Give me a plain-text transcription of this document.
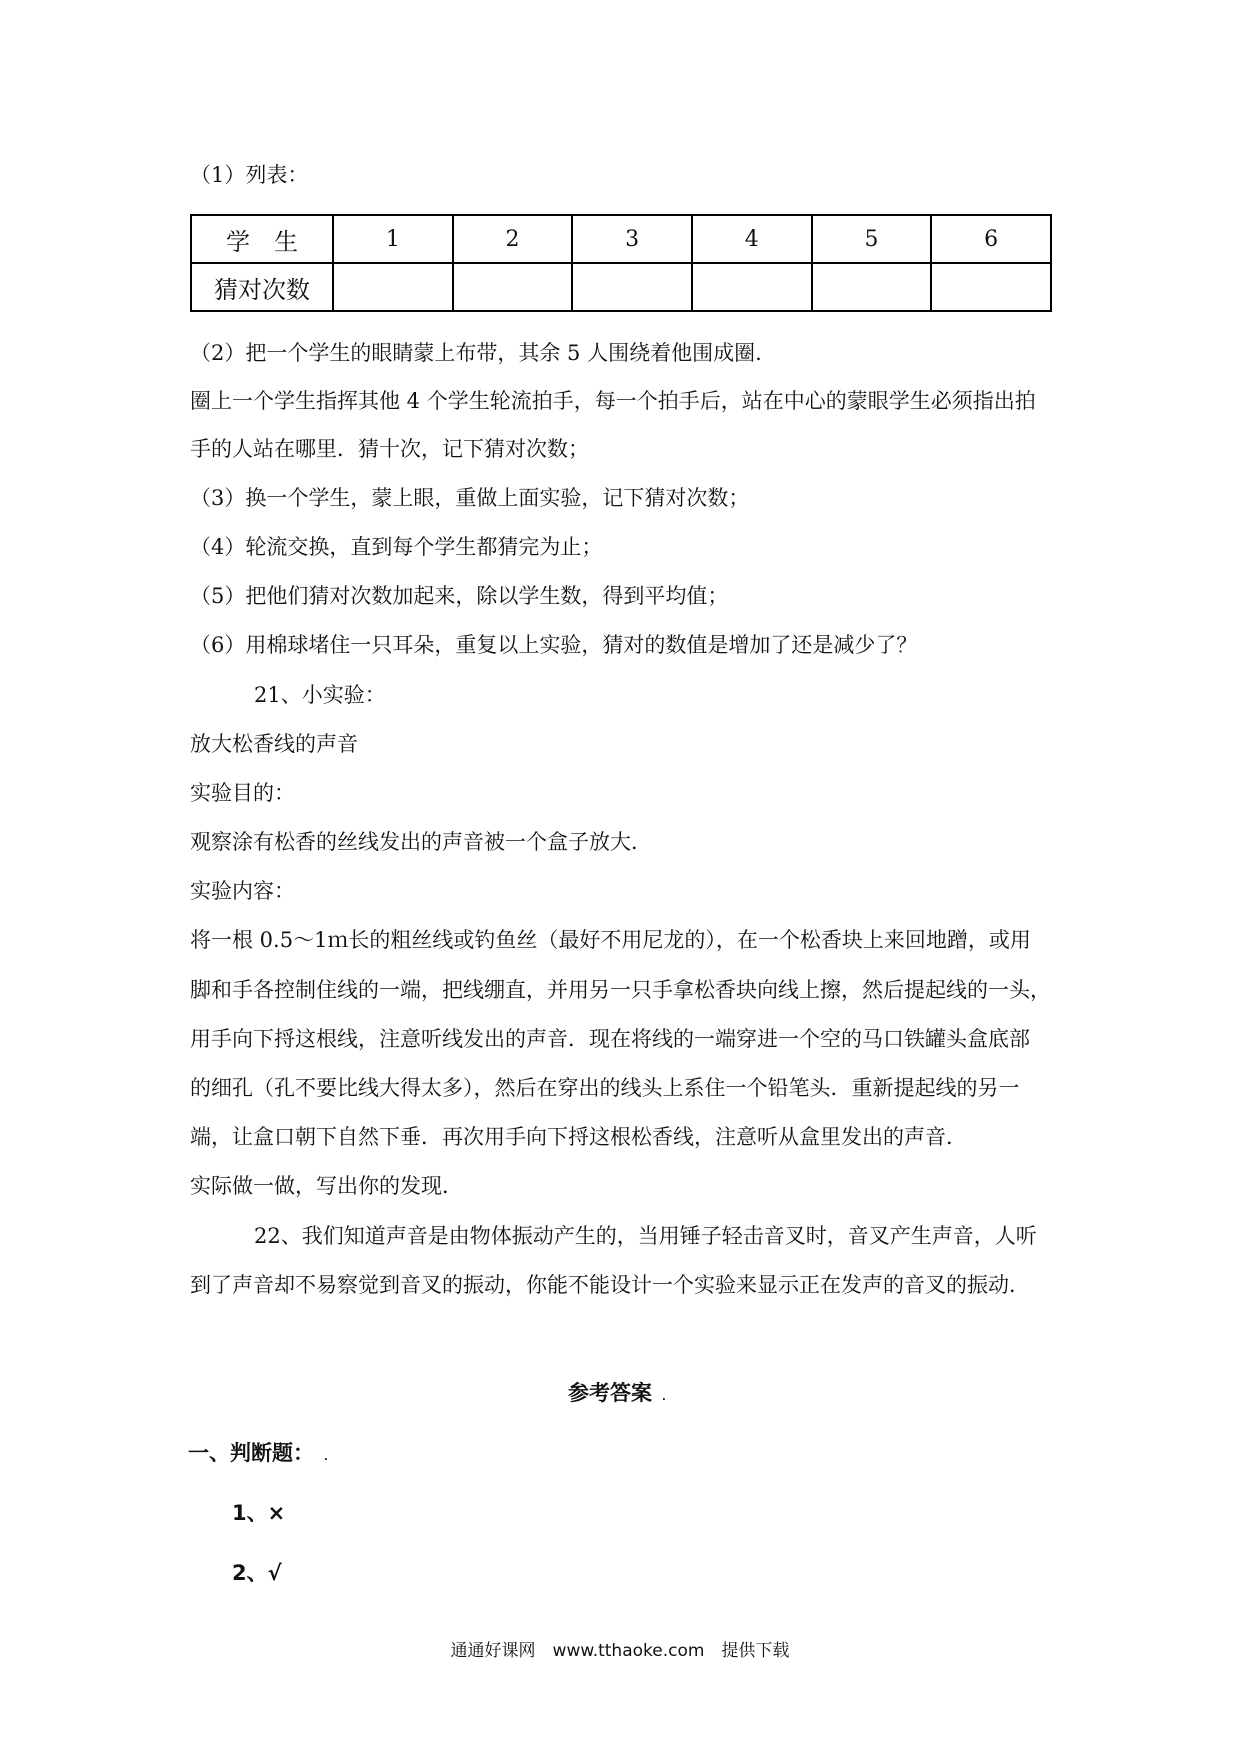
（1）列表：
学　生	1	2	3	4	5	6
猜对次数						
（2）把一个学生的眼睛蒙上布带，其余 5 人围绕着他围成圈.
圈上一个学生指挥其他 4 个学生轮流拍手，每一个拍手后，站在中心的蒙眼学生必须指出拍
手的人站在哪里．猜十次，记下猜对次数；
（3）换一个学生，蒙上眼，重做上面实验，记下猜对次数；
（4）轮流交换，直到每个学生都猜完为止；
（5）把他们猜对次数加起来，除以学生数，得到平均值；
（6）用棉球堵住一只耳朵，重复以上实验，猜对的数值是增加了还是减少了？
21、小实验：
放大松香线的声音
实验目的：
观察涂有松香的丝线发出的声音被一个盒子放大．
实验内容：
将一根 0.5～1ｍ长的粗丝线或钓鱼丝（最好不用尼龙的），在一个松香块上来回地蹭，或用
脚和手各控制住线的一端，把线绷直，并用另一只手拿松香块向线上擦，然后提起线的一头，
用手向下捋这根线，注意听线发出的声音．现在将线的一端穿进一个空的马口铁罐头盒底部
的细孔（孔不要比线大得太多），然后在穿出的线头上系住一个铅笔头．重新提起线的另一
端，让盒口朝下自然下垂．再次用手向下捋这根松香线，注意听从盒里发出的声音．
实际做一做，写出你的发现．
22、我们知道声音是由物体振动产生的，当用锤子轻击音叉时，音叉产生声音，人听
到了声音却不易察觉到音叉的振动，你能不能设计一个实验来显示正在发声的音叉的振动．
参考答案 .
一、判断题： .
1、×
2、√
通通好课网　www.tthaoke.com　提供下载
